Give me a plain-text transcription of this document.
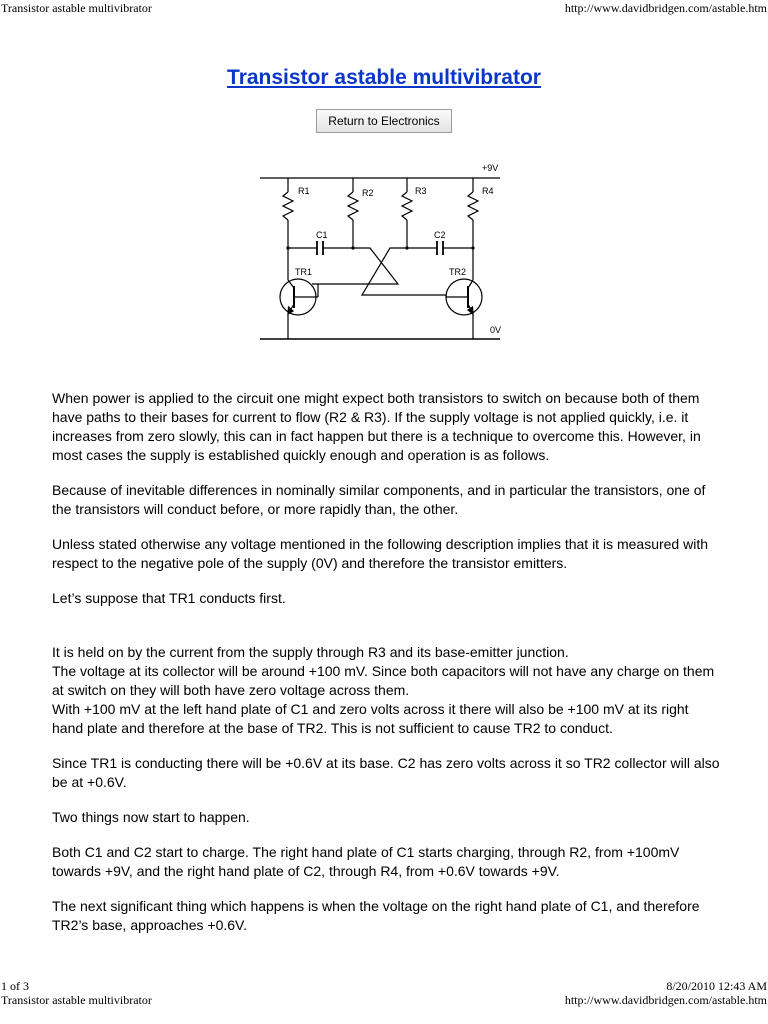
Transistor astable multivibrator	http://www.davidbridgen.com/astable.htm
Transistor astable multivibrator
Return to Electronics
+9V
0V
R1	R2	R3	R4
C1	C2
TR1	TR2

When power is applied to the circuit one might expect both transistors to switch on because both of them have paths to their bases for current to flow (R2 & R3). If the supply voltage is not applied quickly, i.e. it increases from zero slowly, this can in fact happen but there is a technique to overcome this. However, in most cases the supply is established quickly enough and operation is as follows.

Because of inevitable differences in nominally similar components, and in particular the transistors, one of the transistors will conduct before, or more rapidly than, the other.

Unless stated otherwise any voltage mentioned in the following description implies that it is measured with respect to the negative pole of the supply (0V) and therefore the transistor emitters.

Let’s suppose that TR1 conducts first.

It is held on by the current from the supply through R3 and its base-emitter junction.

The voltage at its collector will be around +100 mV. Since both capacitors will not have any charge on them at switch on they will both have zero voltage across them.

With +100 mV at the left hand plate of C1 and zero volts across it there will also be +100 mV at its right hand plate and therefore at the base of TR2. This is not sufficient to cause TR2 to conduct.

Since TR1 is conducting there will be +0.6V at its base. C2 has zero volts across it so TR2 collector will also be at +0.6V.

Two things now start to happen.

Both C1 and C2 start to charge. The right hand plate of C1 starts charging, through R2, from +100mV towards +9V, and the right hand plate of C2, through R4, from +0.6V towards +9V.

The next significant thing which happens is when the voltage on the right hand plate of C1, and therefore TR2’s base, approaches +0.6V.

1 of 3	8/20/2010 12:43 AM
Transistor astable multivibrator	http://www.davidbridgen.com/astable.htm
